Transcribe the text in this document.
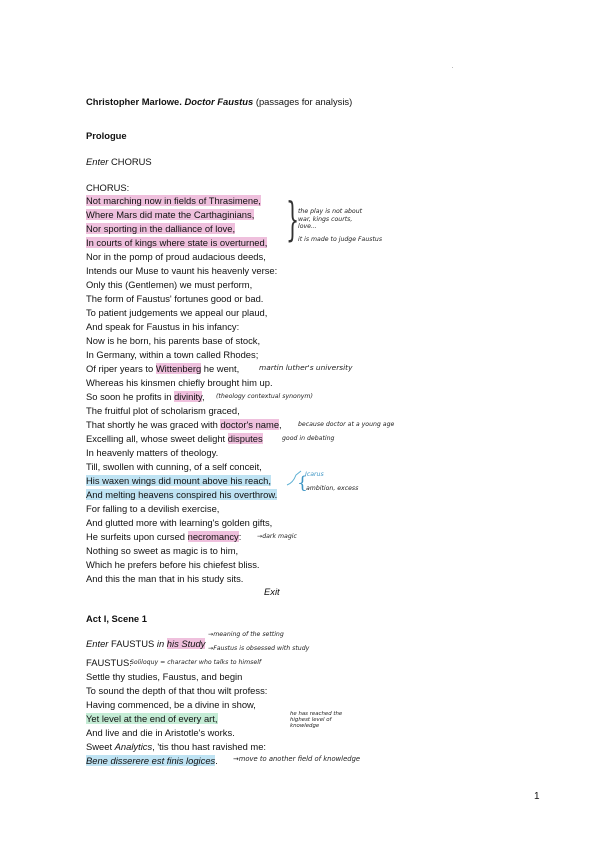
Christopher Marlowe. Doctor Faustus (passages for analysis)
Prologue
Enter CHORUS
CHORUS:
Not marching now in fields of Thrasimene,
Where Mars did mate the Carthaginians,
Nor sporting in the dalliance of love,
In courts of kings where state is overturned, }
the play is not about war, kings courts, love...
it is made to judge Faustus
Nor in the pomp of proud audacious deeds,
Intends our Muse to vaunt his heavenly verse:
Only this (Gentlemen) we must perform,
The form of Faustus' fortunes good or bad.
To patient judgements we appeal our plaud,
And speak for Faustus in his infancy:
Now is he born, his parents base of stock,
In Germany, within a town called Rhodes;
Of riper years to Wittenberg he went,	martin luther's university
Whereas his kinsmen chiefly brought him up.
So soon he profits in divinity, (theology contextual synonym)
The fruitful plot of scholarism graced,
That shortly he was graced with doctor's name,	because doctor at a young age
Excelling all, whose sweet delight disputes	good in debating
In heavenly matters of theology.
Till, swollen with cunning, of a self conceit,
His waxen wings did mount above his reach,
And melting heavens conspired his overthrow.
Icarus
{
ambition, excess
For falling to a devilish exercise,
And glutted more with learning's golden gifts,
He surfeits upon cursed necromancy:	→dark magic
Nothing so sweet as magic is to him,
Which he prefers before his chiefest bliss.
And this the man that in his study sits.
Exit
Act I, Scene 1
Enter FAUSTUS in his Study
→meaning of the setting
→Faustus is obsessed with study
FAUSTUS:
Soliloquy = character who talks to himself
Settle thy studies, Faustus, and begin
To sound the depth of that thou wilt profess:
Having commenced, be a divine in show,
Yet level at the end of every art,	he has reached the highest level of knowledge
And live and die in Aristotle's works.
Sweet Analytics, 'tis thou hast ravished me:
Bene disserere est finis logices. →move to another field of knowledge
1
